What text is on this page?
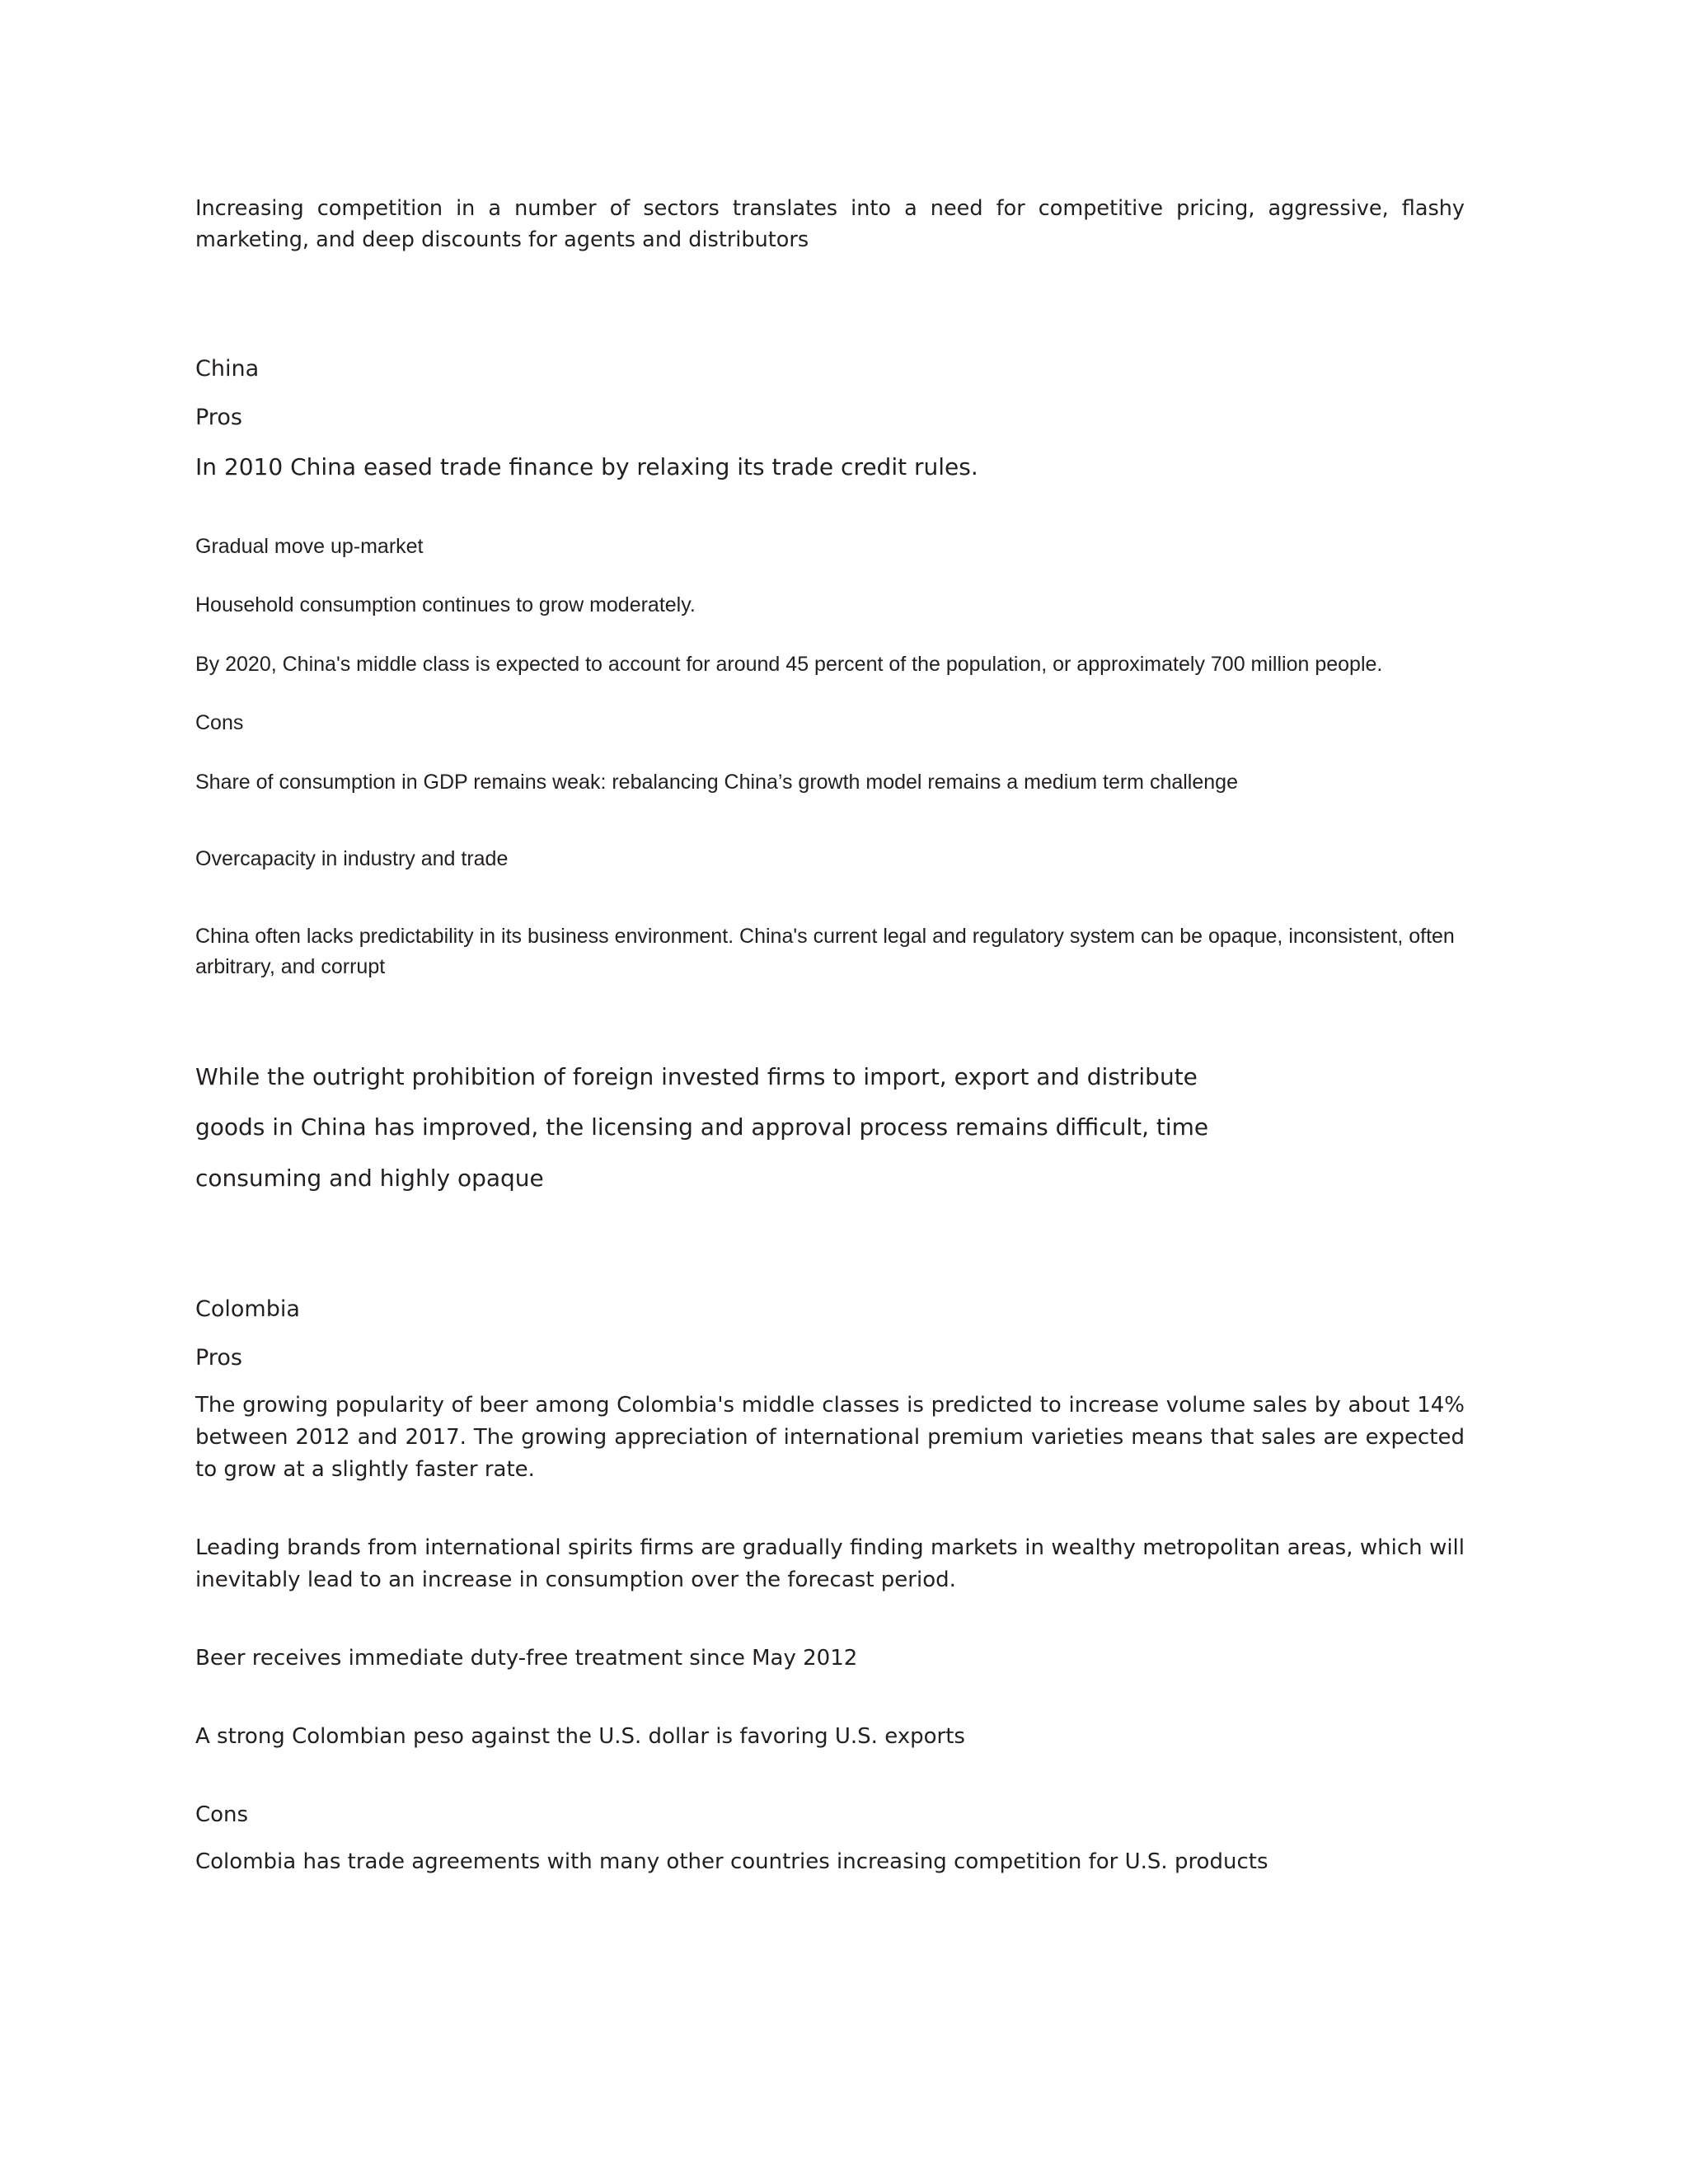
Increasing competition in a number of sectors translates into a need for competitive pricing, aggressive, flashy marketing, and deep discounts for agents and distributors

China

Pros

In 2010 China eased trade finance by relaxing its trade credit rules.

Gradual move up-market

Household consumption continues to grow moderately.

By 2020, China's middle class is expected to account for around 45 percent of the population, or approximately 700 million people.

Cons

Share of consumption in GDP remains weak: rebalancing China’s growth model remains a medium term challenge

Overcapacity in industry and trade

China often lacks predictability in its business environment. China's current legal and regulatory system can be opaque, inconsistent, often arbitrary, and corrupt

While the outright prohibition of foreign invested firms to import, export and distribute

goods in China has improved, the licensing and approval process remains difficult, time

consuming and highly opaque

Colombia

Pros

The growing popularity of beer among Colombia's middle classes is predicted to increase volume sales by about 14% between 2012 and 2017. The growing appreciation of international premium varieties means that sales are expected to grow at a slightly faster rate.

Leading brands from international spirits firms are gradually finding markets in wealthy metropolitan areas, which will inevitably lead to an increase in consumption over the forecast period.

Beer receives immediate duty-free treatment since May 2012

A strong Colombian peso against the U.S. dollar is favoring U.S. exports

Cons

Colombia has trade agreements with many other countries increasing competition for U.S. products
